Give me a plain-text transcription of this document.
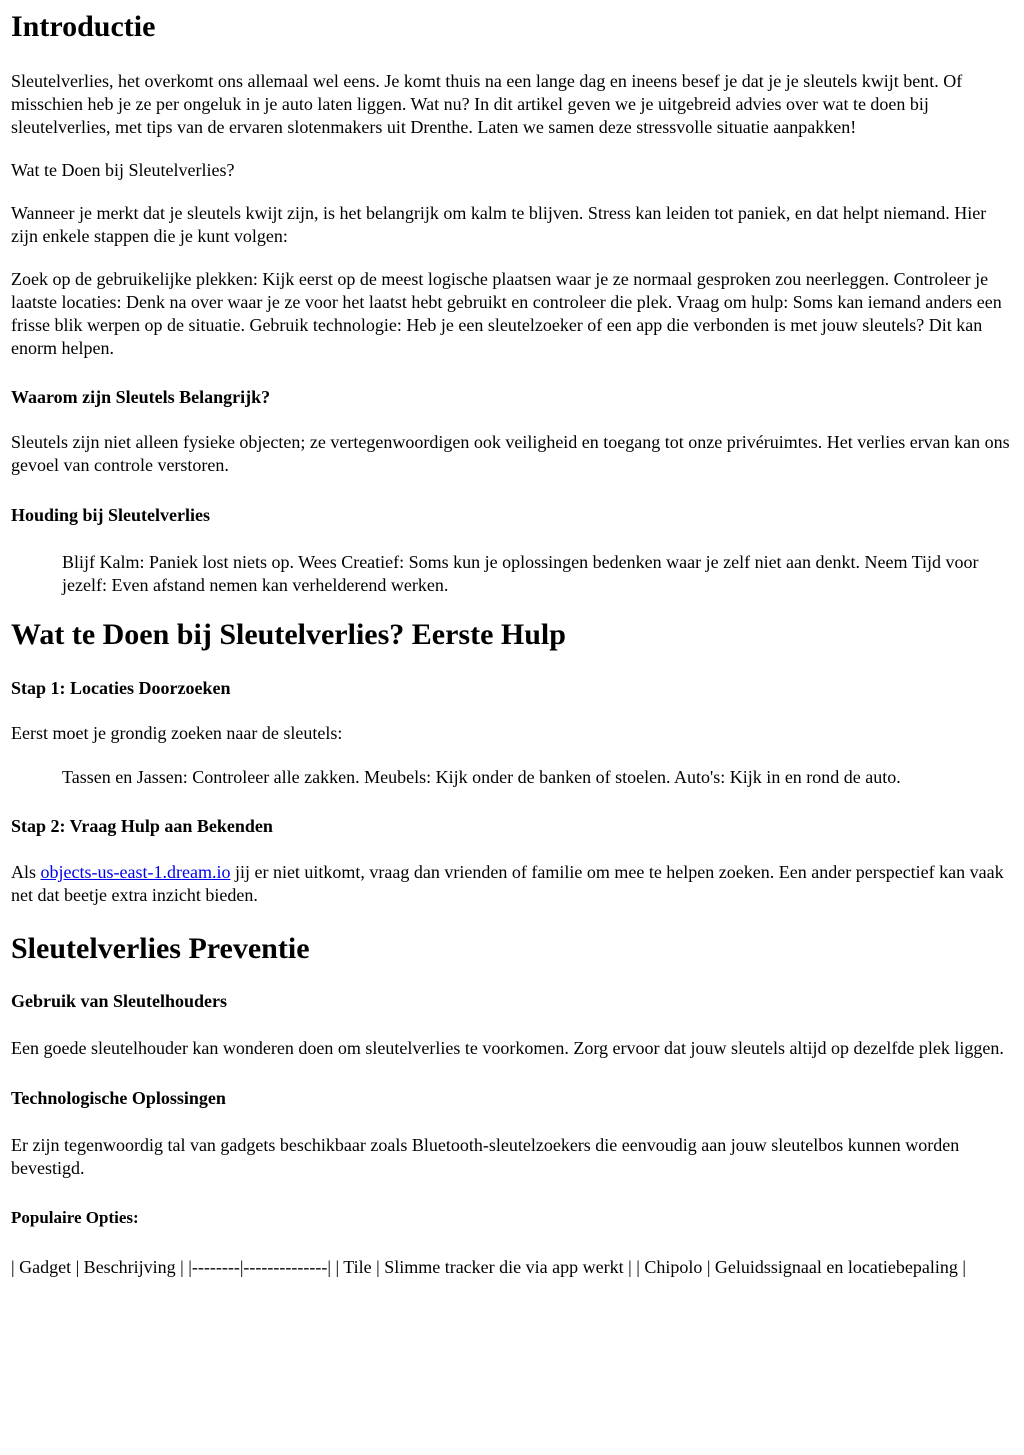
Introductie

Sleutelverlies, het overkomt ons allemaal wel eens. Je komt thuis na een lange dag en ineens besef je dat je je sleutels kwijt bent. Of misschien heb je ze per ongeluk in je auto laten liggen. Wat nu? In dit artikel geven we je uitgebreid advies over wat te doen bij sleutelverlies, met tips van de ervaren slotenmakers uit Drenthe. Laten we samen deze stressvolle situatie aanpakken!

Wat te Doen bij Sleutelverlies?

Wanneer je merkt dat je sleutels kwijt zijn, is het belangrijk om kalm te blijven. Stress kan leiden tot paniek, en dat helpt niemand. Hier zijn enkele stappen die je kunt volgen:

Zoek op de gebruikelijke plekken: Kijk eerst op de meest logische plaatsen waar je ze normaal gesproken zou neerleggen. Controleer je laatste locaties: Denk na over waar je ze voor het laatst hebt gebruikt en controleer die plek. Vraag om hulp: Soms kan iemand anders een frisse blik werpen op de situatie. Gebruik technologie: Heb je een sleutelzoeker of een app die verbonden is met jouw sleutels? Dit kan enorm helpen.

Waarom zijn Sleutels Belangrijk?

Sleutels zijn niet alleen fysieke objecten; ze vertegenwoordigen ook veiligheid en toegang tot onze privéruimtes. Het verlies ervan kan ons gevoel van controle verstoren.

Houding bij Sleutelverlies
Blijf Kalm: Paniek lost niets op. Wees Creatief: Soms kun je oplossingen bedenken waar je zelf niet aan denkt. Neem Tijd voor jezelf: Even afstand nemen kan verhelderend werken.
Wat te Doen bij Sleutelverlies? Eerste Hulp
Stap 1: Locaties Doorzoeken

Eerst moet je grondig zoeken naar de sleutels:

Tassen en Jassen: Controleer alle zakken. Meubels: Kijk onder de banken of stoelen. Auto's: Kijk in en rond de auto.
Stap 2: Vraag Hulp aan Bekenden

Als objects-us-east-1.dream.io jij er niet uitkomt, vraag dan vrienden of familie om mee te helpen zoeken. Een ander perspectief kan vaak net dat beetje extra inzicht bieden.

Sleutelverlies Preventie
Gebruik van Sleutelhouders

Een goede sleutelhouder kan wonderen doen om sleutelverlies te voorkomen. Zorg ervoor dat jouw sleutels altijd op dezelfde plek liggen.

Technologische Oplossingen

Er zijn tegenwoordig tal van gadgets beschikbaar zoals Bluetooth-sleutelzoekers die eenvoudig aan jouw sleutelbos kunnen worden bevestigd.

Populaire Opties:

| Gadget | Beschrijving | |--------|--------------| | Tile | Slimme tracker die via app werkt | | Chipolo | Geluidssignaal en locatiebepaling |
